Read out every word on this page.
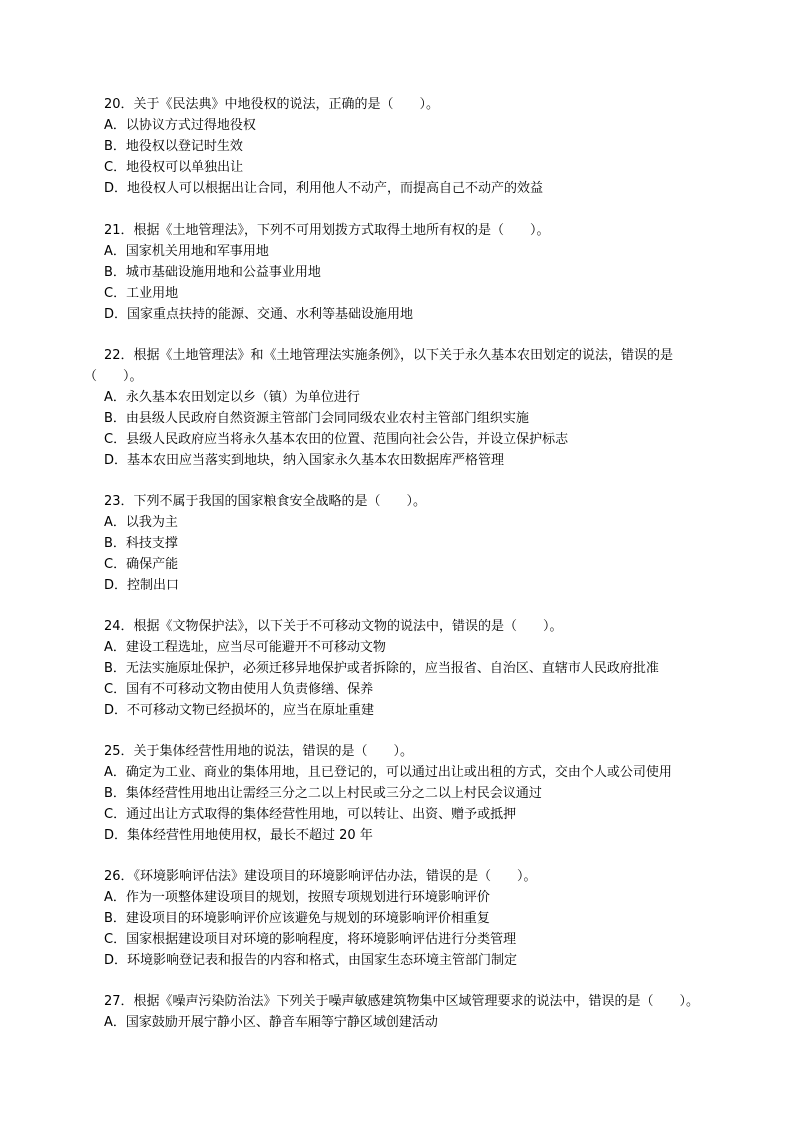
20．关于《民法典》中地役权的说法，正确的是（　　）。
A．以协议方式过得地役权
B．地役权以登记时生效
C．地役权可以单独出让
D．地役权人可以根据出让合同，利用他人不动产，而提高自己不动产的效益
21．根据《土地管理法》，下列不可用划拨方式取得土地所有权的是（　　）。
A．国家机关用地和军事用地
B．城市基础设施用地和公益事业用地
C．工业用地
D．国家重点扶持的能源、交通、水利等基础设施用地
22．根据《土地管理法》和《土地管理法实施条例》，以下关于永久基本农田划定的说法，错误的是（　　）。
A．永久基本农田划定以乡（镇）为单位进行
B．由县级人民政府自然资源主管部门会同同级农业农村主管部门组织实施
C．县级人民政府应当将永久基本农田的位置、范围向社会公告，并设立保护标志
D．基本农田应当落实到地块，纳入国家永久基本农田数据库严格管理
23．下列不属于我国的国家粮食安全战略的是（　　）。
A．以我为主
B．科技支撑
C．确保产能
D．控制出口
24．根据《文物保护法》，以下关于不可移动文物的说法中，错误的是（　　）。
A．建设工程选址，应当尽可能避开不可移动文物
B．无法实施原址保护，必须迁移异地保护或者拆除的，应当报省、自治区、直辖市人民政府批准
C．国有不可移动文物由使用人负责修缮、保养
D．不可移动文物已经损坏的，应当在原址重建
25．关于集体经营性用地的说法，错误的是（　　）。
A．确定为工业、商业的集体用地，且已登记的，可以通过出让或出租的方式，交由个人或公司使用
B．集体经营性用地出让需经三分之二以上村民或三分之二以上村民会议通过
C．通过出让方式取得的集体经营性用地，可以转让、出资、赠予或抵押
D．集体经营性用地使用权，最长不超过 20 年
26．《环境影响评估法》建设项目的环境影响评估办法，错误的是（　　）。
A．作为一项整体建设项目的规划，按照专项规划进行环境影响评价
B．建设项目的环境影响评价应该避免与规划的环境影响评价相重复
C．国家根据建设项目对环境的影响程度，将环境影响评估进行分类管理
D．环境影响登记表和报告的内容和格式，由国家生态环境主管部门制定
27．根据《噪声污染防治法》下列关于噪声敏感建筑物集中区域管理要求的说法中，错误的是（　　）。
A．国家鼓励开展宁静小区、静音车厢等宁静区域创建活动
